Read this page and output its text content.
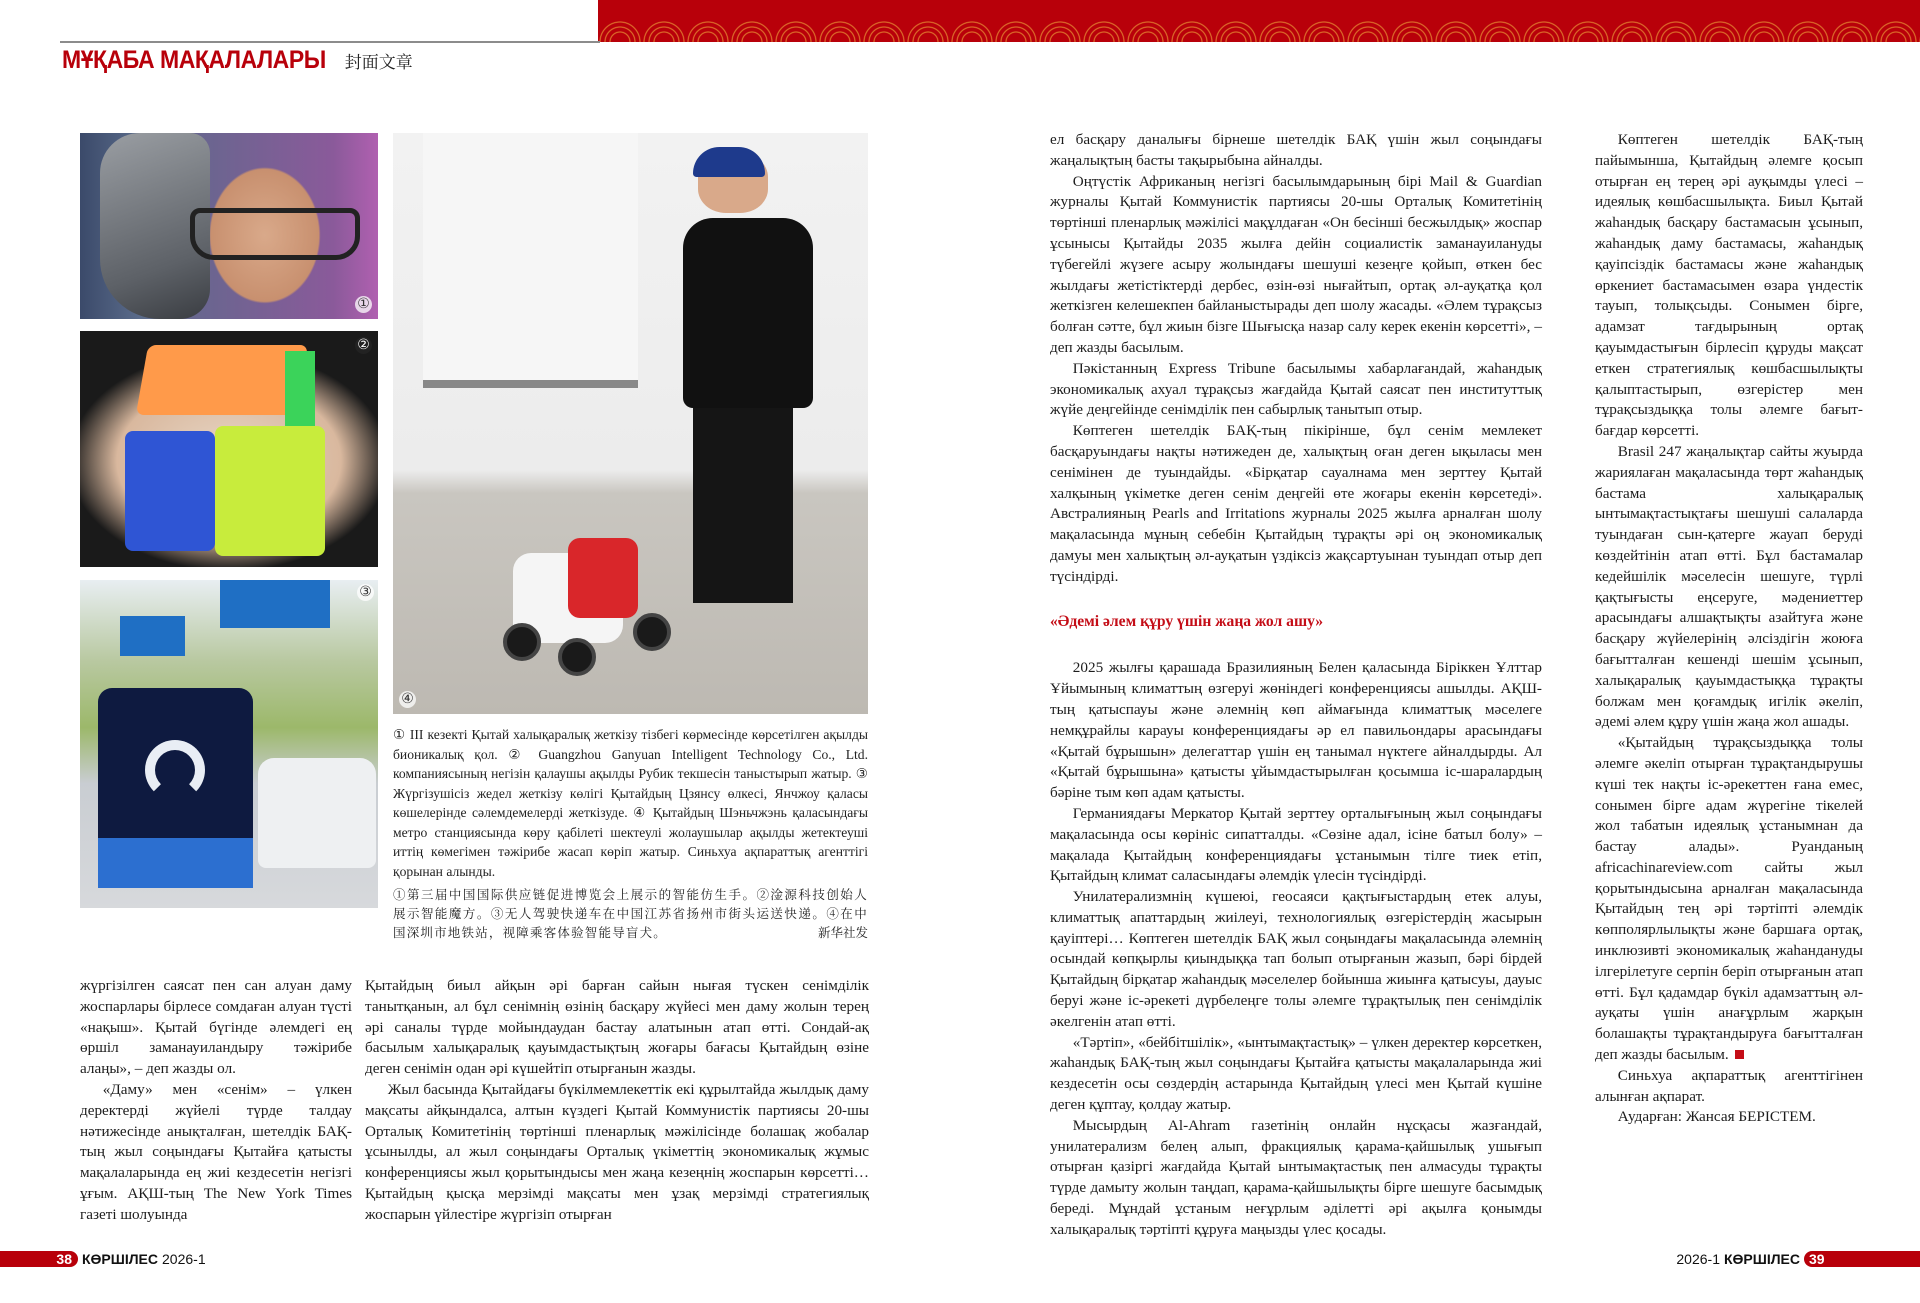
МҰҚАБА МАҚАЛАЛАРЫ 封面文章
①
②
③
④

① ІІІ кезекті Қытай халықаралық жеткізу тізбегі көрмесінде көрсетілген ақылды бионикалық қол. ② Guangzhou Ganyuan Intelligent Technology Co., Ltd. компаниясының негізін қалаушы ақылды Рубик текшесін таныстырып жатыр. ③ Жүргізушісіз жедел жеткізу көлігі Қытайдың Цзянсу өлкесі, Янчжоу қаласы көшелерінде сәлемдемелерді жеткізуде. ④ Қытайдың Шэньчжэнь қаласындағы метро станциясында көру қабілеті шектеулі жолаушылар ақылды жетектеуші иттің көмегімен тәжірибе жасап көріп жатыр. Синьхуа ақпараттық агенттігі қорынан алынды.

①第三届中国国际供应链促进博览会上展示的智能仿生手。②淦源科技创始人展示智能魔方。③无人驾驶快递车在中国江苏省扬州市街头运送快递。④在中国深圳市地铁站，视障乘客体验智能导盲犬。	新华社发

жүргізілген саясат пен сан алуан даму жоспарлары бірлесе сомдаған алуан түсті «нақыш». Қытай бүгінде әлемдегі ең өршіл заманауиландыру тәжірибе алаңы», – деп жазды ол.

«Даму» мен «сенім» – үлкен деректерді жүйелі түрде талдау нәтижесінде анықталған, шетелдік БАҚ-тың жыл соңындағы Қытайға қатысты мақалаларында ең жиі кездесетін негізгі ұғым. АҚШ-тың The New York Times газеті шолуында

Қытайдың биыл айқын әрі барған сайын нығая түскен сенімділік танытқанын, ал бұл сенімнің өзінің басқару жүйесі мен даму жолын терең әрі саналы түрде мойындаудан бастау алатынын атап өтті. Сондай-ақ басылым халықаралық қауымдастықтың жоғары бағасы Қытайдың өзіне деген сенімін одан әрі күшейтіп отырғанын жазды.

Жыл басында Қытайдағы бүкілмемлекеттік екі құрылтайда жылдық даму мақсаты айқындалса, алтын күздегі Қытай Коммунистік партиясы 20-шы Орталық Комитетінің төртінші пленарлық мәжілісінде болашақ жобалар ұсынылды, ал жыл соңындағы Орталық үкіметтің экономикалық жұмыс конференциясы жыл қорытындысы мен жаңа кезеңнің жоспарын көрсетті… Қытайдың қысқа мерзімді мақсаты мен ұзақ мерзімді стратегиялық жоспарын үйлестіре жүргізіп отырған

ел басқару даналығы бірнеше шетелдік БАҚ үшін жыл соңындағы жаңалықтың басты тақырыбына айналды.

Оңтүстік Африканың негізгі басылымдарының бірі Mail & Guardian журналы Қытай Коммунистік партиясы 20-шы Орталық Комитетінің төртінші пленарлық мәжілісі мақұлдаған «Он бесінші бесжылдық» жоспар ұсынысы Қытайды 2035 жылға дейін социалистік заманауилануды түбегейлі жүзеге асыру жолындағы шешуші кезеңге қойып, өткен бес жылдағы жетістіктерді дербес, өзін-өзі нығайтып, ортақ әл-ауқатқа қол жеткізген келешекпен байланыстырады деп шолу жасады. «Әлем тұрақсыз болған сәтте, бұл жиын бізге Шығысқа назар салу керек екенін көрсетті», – деп жазды басылым.

Пәкістанның Express Tribune басылымы хабарлағандай, жаһандық экономикалық ахуал тұрақсыз жағдайда Қытай саясат пен институттық жүйе деңгейінде сенімділік пен сабырлық танытып отыр.

Көптеген шетелдік БАҚ-тың пікірінше, бұл сенім мемлекет басқаруындағы нақты нәтижеден де, халықтың оған деген ықыласы мен сенімінен де туындайды. «Бірқатар сауалнама мен зерттеу Қытай халқының үкіметке деген сенім деңгейі өте жоғары екенін көрсетеді». Австралияның Pearls and Irritations журналы 2025 жылға арналған шолу мақаласында мұның себебін Қытайдың тұрақты әрі оң экономикалық дамуы мен халықтың әл-ауқатын үздіксіз жақсартуынан туындап отыр деп түсіндірді.

«Әдемі әлем құру үшін жаңа жол ашу»

2025 жылғы қарашада Бразилияның Белен қаласында Біріккен Ұлттар Ұйымының климаттың өзгеруі жөніндегі конференциясы ашылды. АҚШ-тың қатыспауы және әлемнің көп аймағында климаттық мәселеге немқұрайлы карауы конференциядағы әр ел павильондары арасындағы «Қытай бұрышын» делегаттар үшін ең танымал нүктеге айналдырды. Ал «Қытай бұрышына» қатысты ұйымдастырылған қосымша іс-шаралардың бәріне тым көп адам қатысты.

Германиядағы Меркатор Қытай зерттеу орталығының жыл соңындағы мақаласында осы көрініс сипатталды. «Сөзіне адал, ісіне батыл болу» – мақалада Қытайдың конференциядағы ұстанымын тілге тиек етіп, Қытайдың климат саласындағы әлемдік үлесін түсіндірді.

Унилатерализмнің күшеюі, геосаяси қақтығыстардың етек алуы, климаттық апаттардың жиілеуі, технологиялық өзгерістердің жасырын қауіптері… Көптеген шетелдік БАҚ жыл соңындағы мақаласында әлемнің осындай көпқырлы қиындыққа тап болып отырғанын жазып, бәрі бірдей Қытайдың бірқатар жаһандық мәселелер бойынша жиынға қатысуы, дауыс беруі және іс-әрекеті дүрбелеңге толы әлемге тұрақтылық пен сенімділік әкелгенін атап өтті.

«Тәртіп», «бейбітшілік», «ынтымақтастық» – үлкен деректер көрсеткен, жаһандық БАҚ-тың жыл соңындағы Қытайға қатысты мақалаларында жиі кездесетін осы сөздердің астарында Қытайдың үлесі мен Қытай күшіне деген құптау, қолдау жатыр.

Мысырдың Al-Ahram газетінің онлайн нұсқасы жазғандай, унилатерализм белең алып, фракциялық қарама-қайшылық ушығып отырған қазіргі жағдайда Қытай ынтымақтастық пен алмасуды тұрақты түрде дамыту жолын таңдап, қарама-қайшылықты бірге шешуге басымдық береді. Мұндай ұстаным неғұрлым әділетті әрі ақылға қонымды халықаралық тәртіпті құруға маңызды үлес қосады.

Көптеген шетелдік БАҚ-тың пайымынша, Қытайдың әлемге қосып отырған ең терең әрі ауқымды үлесі – идеялық көшбасшылықта. Биыл Қытай жаһандық басқару бастамасын ұсынып, жаһандық даму бастамасы, жаһандық қауіпсіздік бастамасы және жаһандық өркениет бастамасымен өзара үндестік тауып, толықсыды. Сонымен бірге, адамзат тағдырының ортақ қауымдастығын бірлесіп құруды мақсат еткен стратегиялық көшбасшылықты қалыптастырып, өзгерістер мен тұрақсыздыққа толы әлемге бағыт-бағдар көрсетті.

Brasil 247 жаңалықтар сайты жуырда жариялаған мақаласында төрт жаһандық бастама халықаралық ынтымақтастықтағы шешуші салаларда туындаған сын-қатерге жауап беруді көздейтінін атап өтті. Бұл бастамалар кедейшілік мәселесін шешуге, түрлі қақтығысты еңсеруге, мәдениеттер арасындағы алшақтықты азайтуға және басқару жүйелерінің әлсіздігін жоюға бағытталған кешенді шешім ұсынып, халықаралық қауымдастыққа тұрақты болжам мен қоғамдық игілік әкеліп, әдемі әлем құру үшін жаңа жол ашады.

«Қытайдың тұрақсыздыққа толы әлемге әкеліп отырған тұрақтандырушы күші тек нақты іс-әрекеттен ғана емес, сонымен бірге адам жүрегіне тікелей жол табатын идеялық ұстанымнан да бастау алады». Руанданың africachinareview.com сайты жыл қорытындысына арналған мақаласында Қытайдың тең әрі тәртіпті әлемдік көпполярлылықты және баршаға ортақ, инклюзивті экономикалық жаһандануды ілгерілетуге серпін беріп отырғанын атап өтті. Бұл қадамдар бүкіл адамзаттың әл-ауқаты үшін анағұрлым жарқын болашақты тұрақтандыруға бағытталған деп жазды басылым.

Синьхуа ақпараттық агенттігінен алынған ақпарат.

Аударған: Жансая БЕРІСТЕМ.

38 КӨРШІЛЕС 2026-1	2026-1 КӨРШІЛЕС 39
